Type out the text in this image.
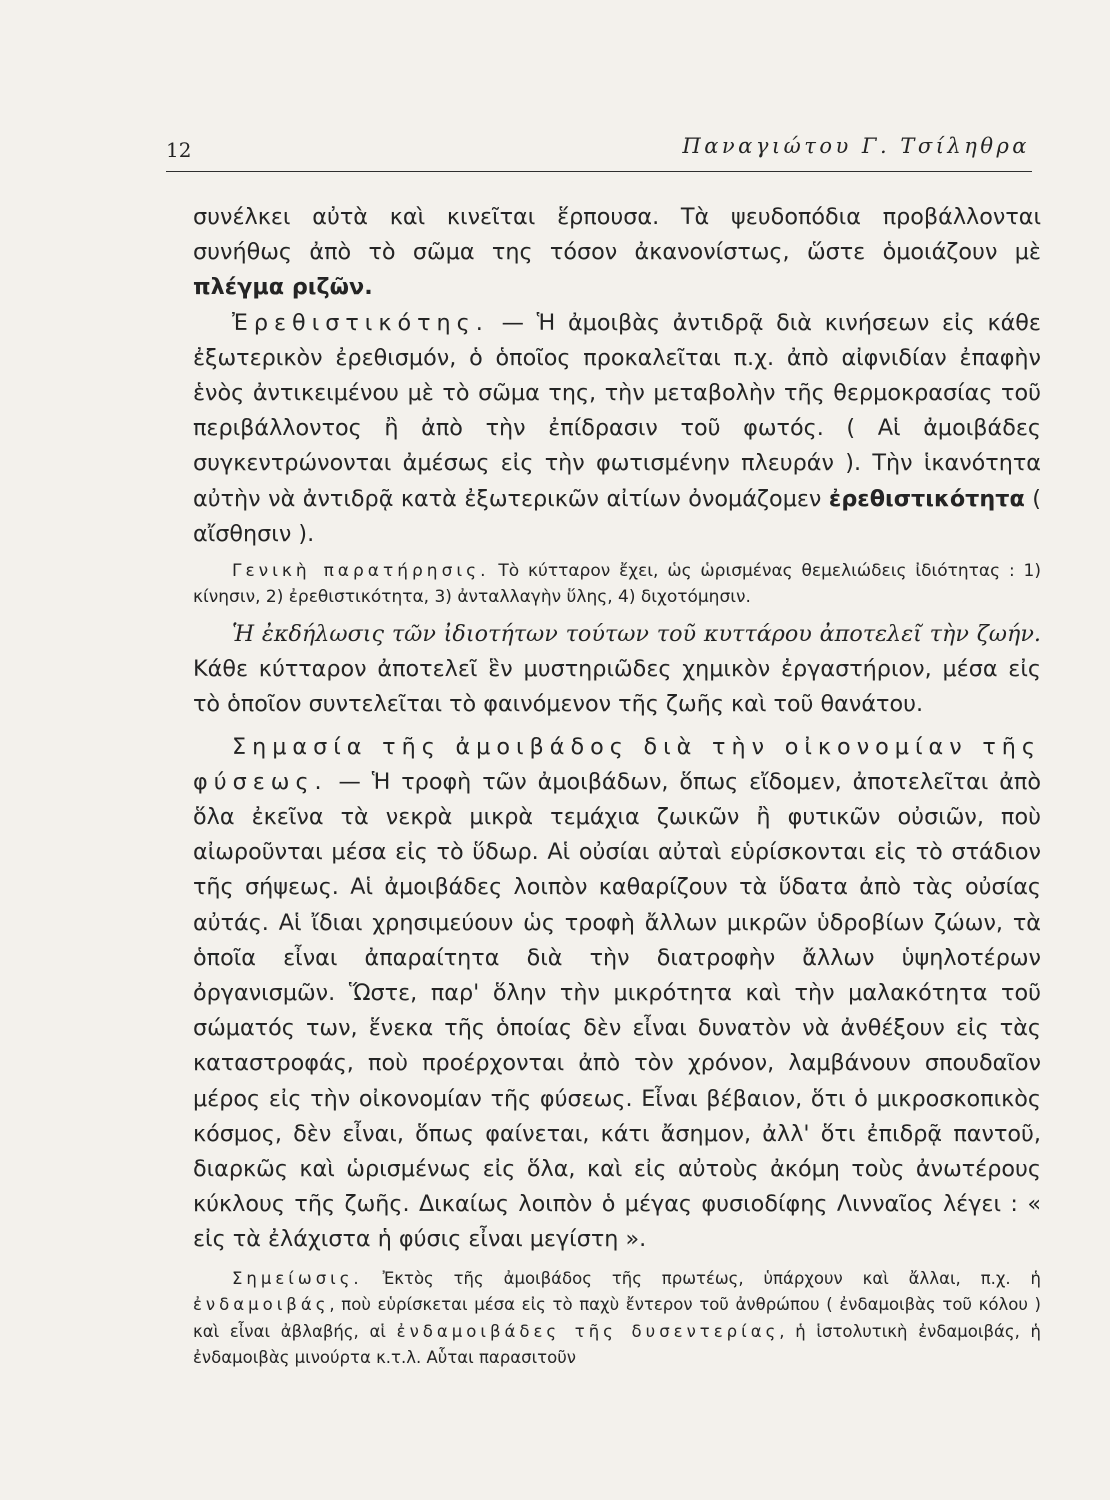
12	Παναγιώτου Γ. Τσίληθρα

συνέλκει αὐτὰ καὶ κινεῖται ἕρπουσα. Τὰ ψευδοπόδια προβάλλονται συνήθως ἀπὸ τὸ σῶμα της τόσον ἀκανονίστως, ὥστε ὁμοιάζουν μὲ πλέγμα ριζῶν.

Ἐρεθιστικότης. — Ἡ ἀμοιβὰς ἀντιδρᾷ διὰ κινήσεων εἰς κάθε ἐξωτερικὸν ἐρεθισμόν, ὁ ὁποῖος προκαλεῖται π.χ. ἀπὸ αἰφνιδίαν ἐπαφὴν ἑνὸς ἀντικειμένου μὲ τὸ σῶμα της, τὴν μεταβολὴν τῆς θερμοκρασίας τοῦ περιβάλλοντος ἢ ἀπὸ τὴν ἐπίδρασιν τοῦ φωτός. ( Αἱ ἀμοιβάδες συγκεντρώνονται ἀμέσως εἰς τὴν φωτισμένην πλευράν ). Τὴν ἱκανότητα αὐτὴν νὰ ἀντιδρᾷ κατὰ ἐξωτερικῶν αἰτίων ὀνομάζομεν ἐρεθιστικότητα ( αἴσθησιν ).

Γενικὴ παρατήρησις. Τὸ κύτταρον ἔχει, ὡς ὡρισμένας θεμελιώδεις ἰδιότητας : 1) κίνησιν, 2) ἐρεθιστικότητα, 3) ἀνταλλαγὴν ὕλης, 4) διχοτόμησιν.

Ἡ ἐκδήλωσις τῶν ἰδιοτήτων τούτων τοῦ κυττάρου ἀποτελεῖ τὴν ζωήν. Κάθε κύτταρον ἀποτελεῖ ἓν μυστηριῶδες χημικὸν ἐργαστήριον, μέσα εἰς τὸ ὁποῖον συντελεῖται τὸ φαινόμενον τῆς ζωῆς καὶ τοῦ θανάτου.

Σημασία τῆς ἀμοιβάδος διὰ τὴν οἰκονομίαν τῆς φύσεως. — Ἡ τροφὴ τῶν ἀμοιβάδων, ὅπως εἴδομεν, ἀποτελεῖται ἀπὸ ὅλα ἐκεῖνα τὰ νεκρὰ μικρὰ τεμάχια ζωικῶν ἢ φυτικῶν οὐσιῶν, ποὺ αἰωροῦνται μέσα εἰς τὸ ὕδωρ. Αἱ οὐσίαι αὐταὶ εὑρίσκονται εἰς τὸ στάδιον τῆς σήψεως. Αἱ ἀμοιβάδες λοιπὸν καθαρίζουν τὰ ὕδατα ἀπὸ τὰς οὐσίας αὐτάς. Αἱ ἴδιαι χρησιμεύουν ὡς τροφὴ ἄλλων μικρῶν ὑδροβίων ζώων, τὰ ὁποῖα εἶναι ἀπαραίτητα διὰ τὴν διατροφὴν ἄλλων ὑψηλοτέρων ὀργανισμῶν. Ὥστε, παρ' ὅλην τὴν μικρότητα καὶ τὴν μαλακότητα τοῦ σώματός των, ἕνεκα τῆς ὁποίας δὲν εἶναι δυνατὸν νὰ ἀνθέξουν εἰς τὰς καταστροφάς, ποὺ προέρχονται ἀπὸ τὸν χρόνον, λαμβάνουν σπουδαῖον μέρος εἰς τὴν οἰκονομίαν τῆς φύσεως. Εἶναι βέβαιον, ὅτι ὁ μικροσκοπικὸς κόσμος, δὲν εἶναι, ὅπως φαίνεται, κάτι ἄσημον, ἀλλ' ὅτι ἐπιδρᾷ παντοῦ, διαρκῶς καὶ ὡρισμένως εἰς ὅλα, καὶ εἰς αὐτοὺς ἀκόμη τοὺς ἀνωτέρους κύκλους τῆς ζωῆς. Δικαίως λοιπὸν ὁ μέγας φυσιοδίφης Λινναῖος λέγει : « εἰς τὰ ἐλάχιστα ἡ φύσις εἶναι μεγίστη ».

Σημείωσις. Ἐκτὸς τῆς ἀμοιβάδος τῆς πρωτέως, ὑπάρχουν καὶ ἄλλαι, π.χ. ἡ ἐνδαμοιβάς, ποὺ εὑρίσκεται μέσα εἰς τὸ παχὺ ἔντερον τοῦ ἀνθρώπου ( ἐνδαμοιβὰς τοῦ κόλου ) καὶ εἶναι ἀβλαβής, αἱ ἐνδαμοιβάδες τῆς δυσεντερίας, ἡ ἱστολυτικὴ ἐνδαμοιβάς, ἡ ἐνδαμοιβὰς μινούρτα κ.τ.λ. Αὗται παρασιτοῦν
